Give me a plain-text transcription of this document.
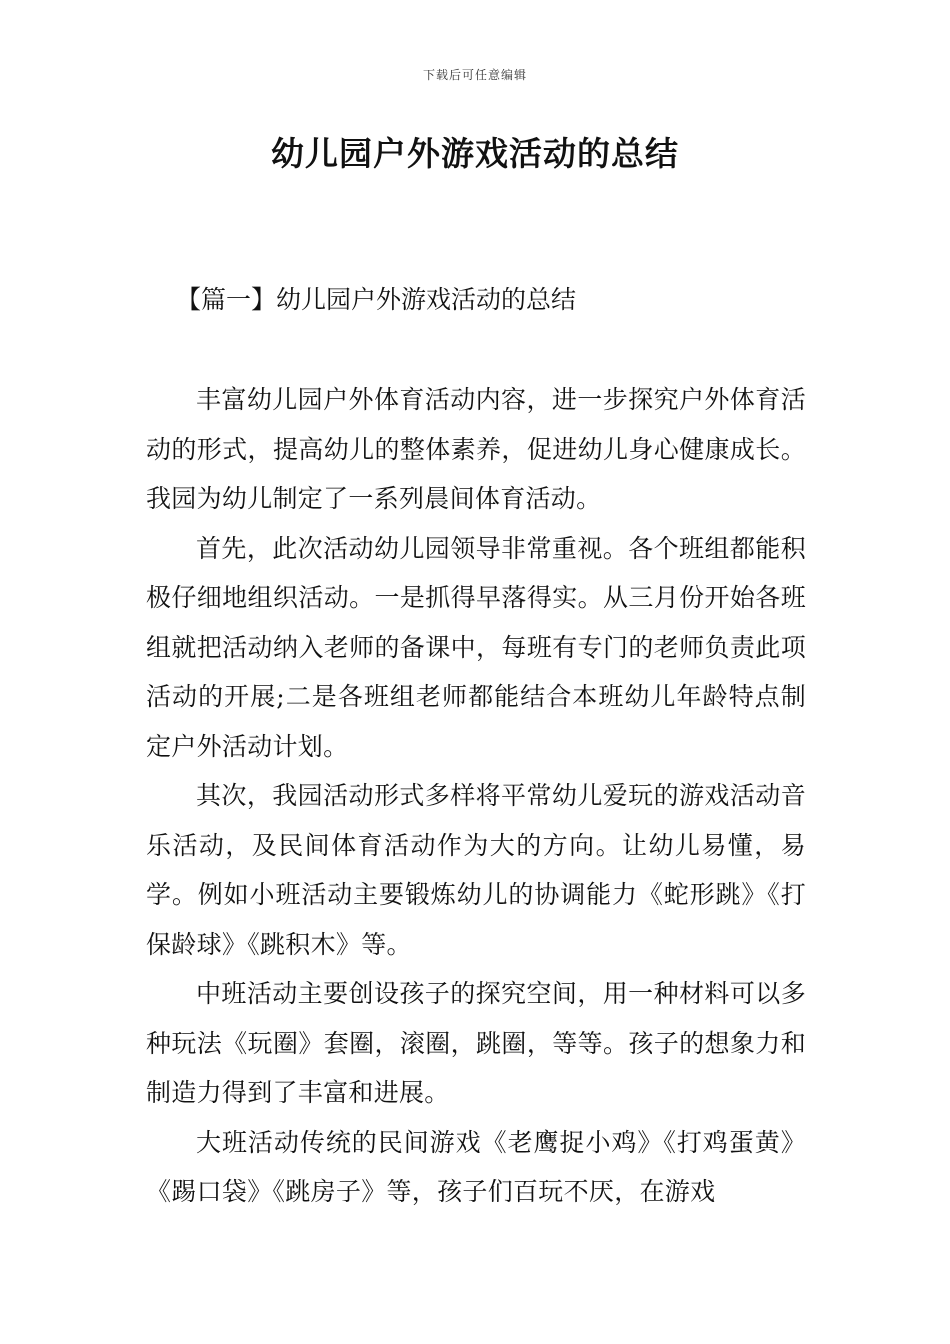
下载后可任意编辑
幼儿园户外游戏活动的总结
【篇一】幼儿园户外游戏活动的总结

丰富幼儿园户外体育活动内容，进一步探究户外体育活动的形式，提高幼儿的整体素养，促进幼儿身心健康成长。我园为幼儿制定了一系列晨间体育活动。

首先，此次活动幼儿园领导非常重视。各个班组都能积极仔细地组织活动。一是抓得早落得实。从三月份开始各班组就把活动纳入老师的备课中，每班有专门的老师负责此项活动的开展;二是各班组老师都能结合本班幼儿年龄特点制定户外活动计划。

其次，我园活动形式多样将平常幼儿爱玩的游戏活动音乐活动，及民间体育活动作为大的方向。让幼儿易懂，易学。例如小班活动主要锻炼幼儿的协调能力《蛇形跳》《打保龄球》《跳积木》等。

中班活动主要创设孩子的探究空间，用一种材料可以多种玩法《玩圈》套圈，滚圈，跳圈，等等。孩子的想象力和制造力得到了丰富和进展。

大班活动传统的民间游戏《老鹰捉小鸡》《打鸡蛋黄》《踢口袋》《跳房子》等，孩子们百玩不厌，在游戏
